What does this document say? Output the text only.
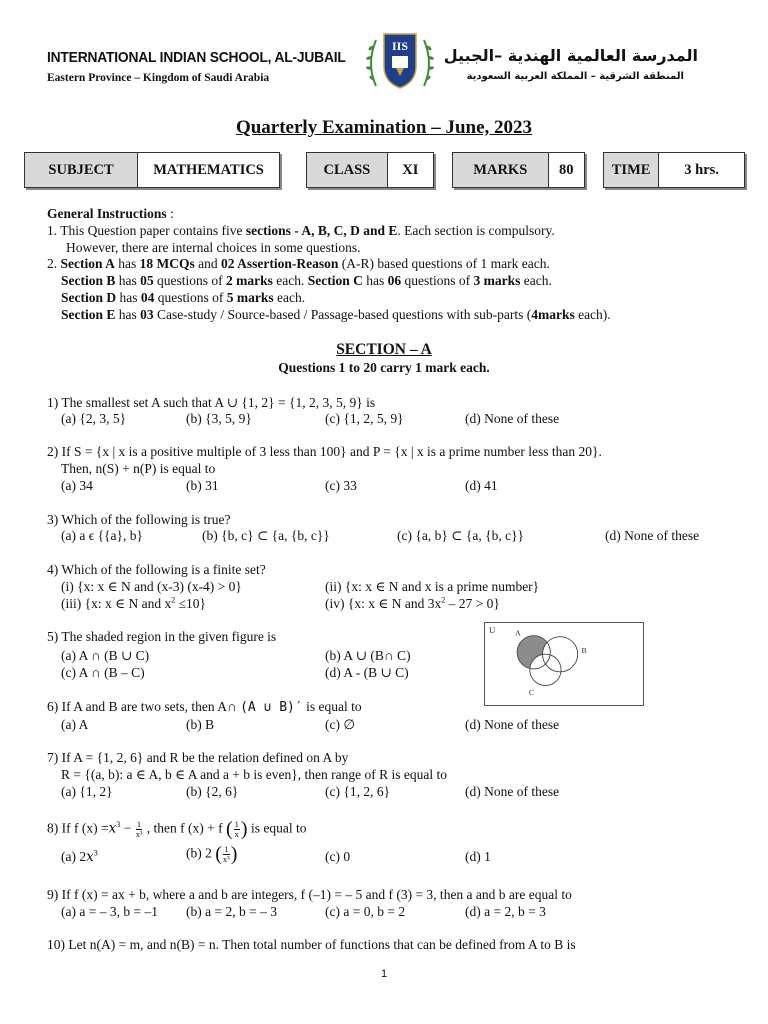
INTERNATIONAL INDIAN SCHOOL, AL-JUBAIL
Eastern Province – Kingdom of Saudi Arabia
المدرسة العالمية الهندية –الجبيل
المنطقة الشرقية – المملكة العربية السعودية
IIS
Quarterly Examination – June, 2023
SUBJECT	MATHEMATICS	CLASS	XI	MARKS	80	TIME	3 hrs.
General Instructions :
1. This Question paper contains five sections - A, B, C, D and E. Each section is compulsory.
However, there are internal choices in some questions.
2. Section A has 18 MCQs and 02 Assertion-Reason (A-R) based questions of 1 mark each.
Section B has 05 questions of 2 marks each. Section C has 06 questions of 3 marks each.
Section D has 04 questions of 5 marks each.
Section E has 03 Case-study / Source-based / Passage-based questions with sub-parts (4marks each).
SECTION – A
Questions 1 to 20 carry 1 mark each.
1) The smallest set A such that A ∪ {1, 2} = {1, 2, 3, 5, 9} is
(a) {2, 3, 5}	(b) {3, 5, 9}	(c) {1, 2, 5, 9}	(d) None of these
2) If S = {x | x is a positive multiple of 3 less than 100} and P = {x | x is a prime number less than 20}.
Then, n(S) + n(P) is equal to
(a) 34	(b) 31	(c) 33	(d) 41
3) Which of the following is true?
(a) a ϵ {{a}, b}	(b) {b, c} ⊂ {a, {b, c}}	(c) {a, b} ⊂ {a, {b, c}}	(d) None of these
4) Which of the following is a finite set?
(i) {x: x ∈ N and (x-3) (x-4) > 0}	(ii) {x: x ∈ N and x is a prime number}
(iii) {x: x ∈ N and $x^2 \le 10$}	(iv) {x: x ∈ N and $3x^2 - 27 > 0$}
5) The shaded region in the given figure is
(a) A ∩ (B ∪ C)	(b) A ∪ (B∩ C)
(c) A ∩ (B – C)	(d) A - (B ∪ C)
U A
B
C
6) If A and B are two sets, then A∩ (A ∪ B)′ is equal to
(a) A	(b) B	(c) ∅	(d) None of these
7) If A = {1, 2, 6} and R be the relation defined on A by
R = {(a, b): a ∈ A, b ∈ A and a + b is even}, then range of R is equal to
(a) {1, 2}	(b) {2, 6}	(c) {1, 2, 6}	(d) None of these
8) If f $(x) =x^3 - \frac{1}{\text{x³}}$ , then f (x) + f ( $\frac{1}{x}$ ) is equal to
(a) $2x^3$	(b) 2 ( $\frac{1}{\text{x³}}$ )	(c) 0	(d) 1
9) If f (x) = ax + b, where a and b are integers, f (–1) = – 5 and f (3) = 3, then a and b are equal to
(a) a = – 3, b = –1 (b) a = 2, b = – 3	(c) a = 0, b = 2	(d) a = 2, b = 3
10) Let n(A) = m, and n(B) = n. Then total number of functions that can be defined from A to B is
1
